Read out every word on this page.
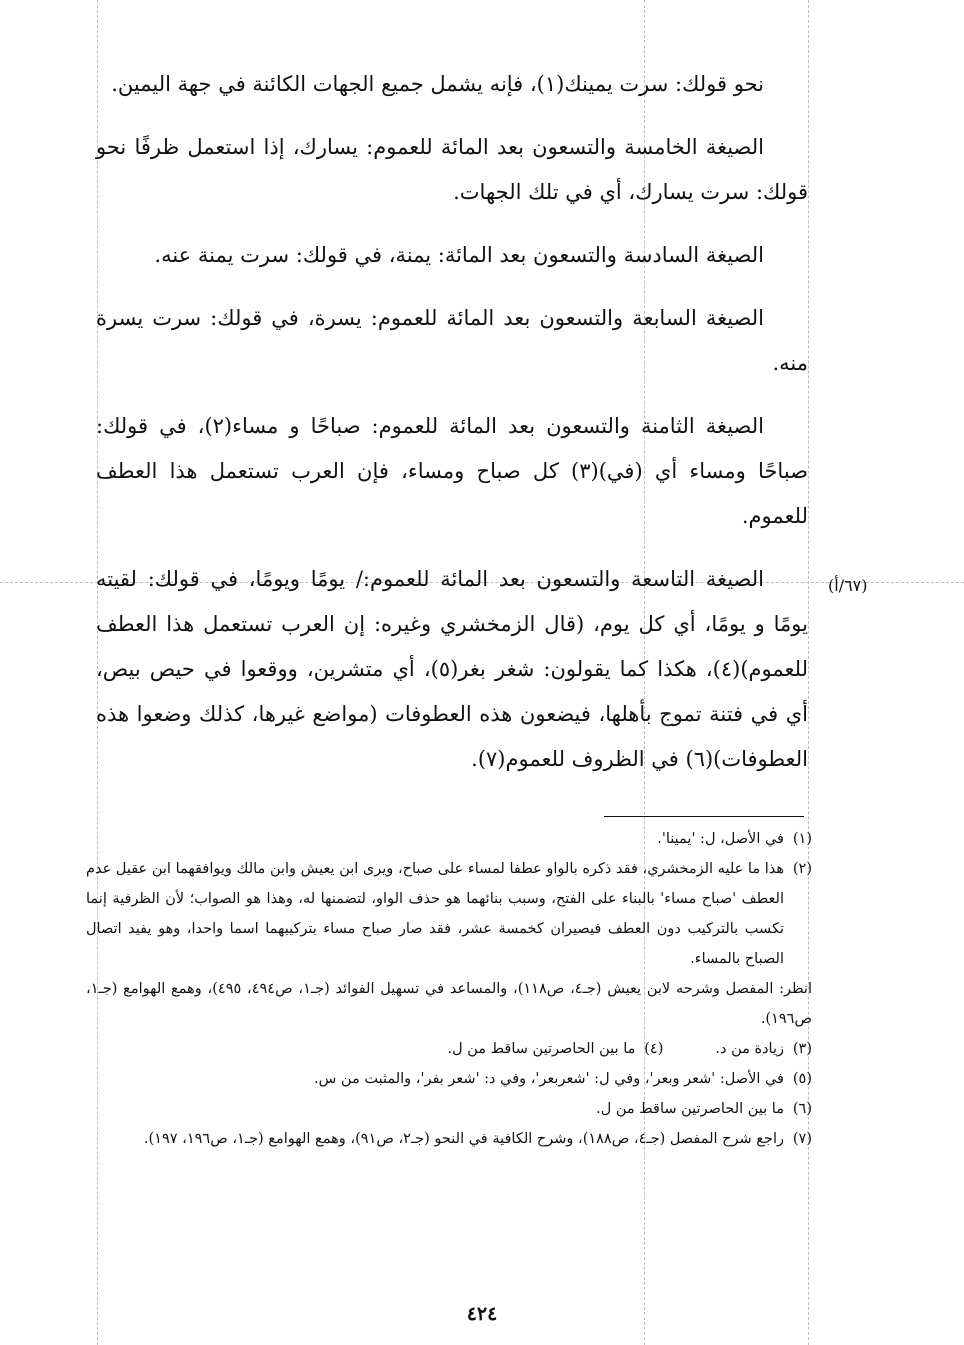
نحو قولك: سرت يمينك(١)، فإنه يشمل جميع الجهات الكائنة في جهة اليمين.

الصيغة الخامسة والتسعون بعد المائة للعموم: يسارك، إذا استعمل ظرفًا نحو قولك: سرت يسارك، أي في تلك الجهات.

الصيغة السادسة والتسعون بعد المائة: يمنة، في قولك: سرت يمنة عنه.

الصيغة السابعة والتسعون بعد المائة للعموم: يسرة، في قولك: سرت يسرة منه.

الصيغة الثامنة والتسعون بعد المائة للعموم: صباحًا و مساء(٢)، في قولك: صباحًا ومساء أي (في)(٣) كل صباح ومساء، فإن العرب تستعمل هذا العطف للعموم.

الصيغة التاسعة والتسعون بعد المائة للعموم:/ يومًا ويومًا، في قولك: لقيته يومًا و يومًا، أي كل يوم، (قال الزمخشري وغيره: إن العرب تستعمل هذا العطف للعموم)(٤)، هكذا كما يقولون: شغر بغر(٥)، أي متشرين، ووقعوا في حيص بيص، أي في فتنة تموج بأهلها، فيضعون هذه العطوفات (مواضع غيرها، كذلك وضعوا هذه العطوفات)(٦) في الظروف للعموم(٧).

(٦٧/أ)

(١)
في الأصل، ل: 'يمينا'.

(٢)
هذا ما عليه الزمخشري، فقد ذكره بالواو عطفا لمساء على صباح، ويرى ابن يعيش وابن مالك ويوافقهما ابن عقيل عدم العطف 'صباح مساء' بالبناء على الفتح، وسبب بنائهما هو حذف الواو، لتضمنها له، وهذا هو الصواب؛ لأن الظرفية إنما تكسب بالتركيب دون العطف فيصيران كخمسة عشر، فقد صار صباح مساء بتركيبهما اسما واحدا، وهو يفيد اتصال الصباح بالمساء.

انظر: المفصل وشرحه لابن يعيش (جـ٤، ص١١٨)، والمساعد في تسهيل الفوائد (جـ١، ص٤٩٤، ٤٩٥)، وهمع الهوامع (جـ١، ص١٩٦).

(٣)
زيادة من د.

(٤)
ما بين الحاصرتين ساقط من ل.

(٥)
في الأصل: 'شعر وبعر'، وفي ل: 'شعربعر'، وفي د: 'شعر بفر'، والمثبت من س.

(٦)
ما بين الحاصرتين ساقط من ل.

(٧)
راجع شرح المفصل (جـ٤، ص١٨٨)، وشرح الكافية في النحو (جـ٢، ص٩١)، وهمع الهوامع (جـ١، ص١٩٦، ١٩٧).

٤٢٤
